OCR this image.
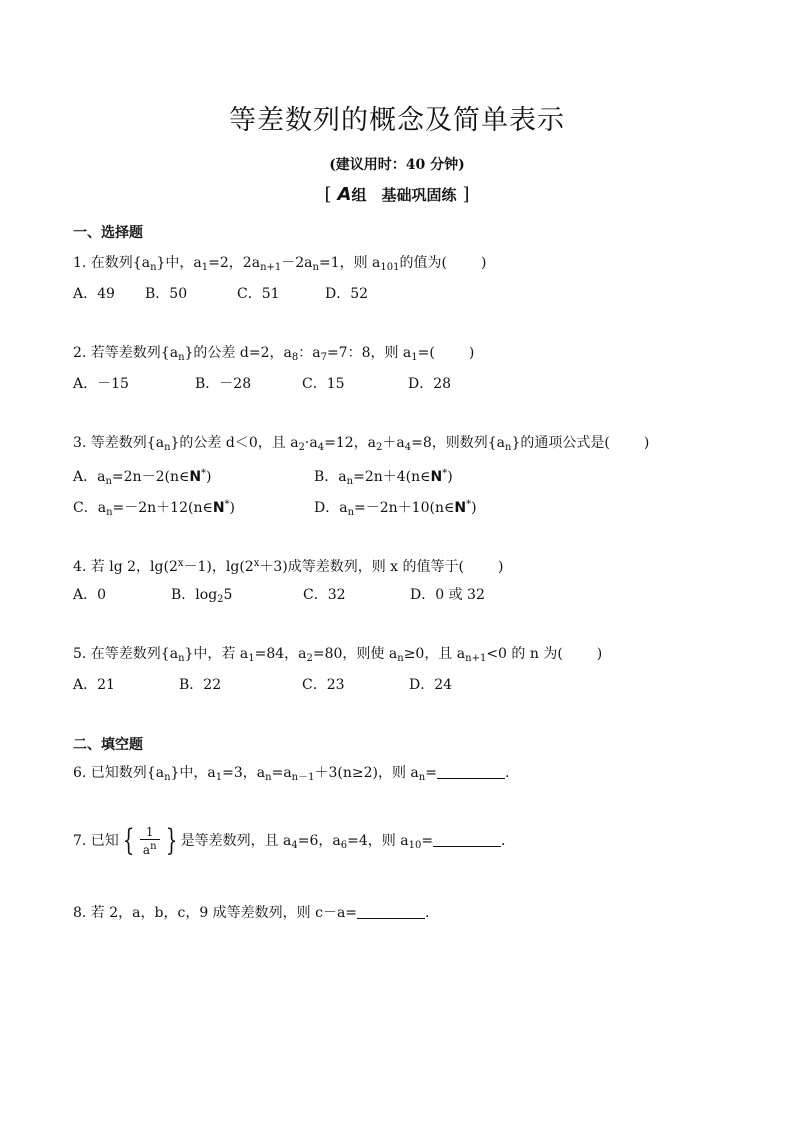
等差数列的概念及简单表示
(建议用时：40 分钟)
[ A组　基础巩固练 ]
一、选择题
1. 在数列$\{a_n\}$中，$a_1=2$，$2a_{n+1}-2a_n=1$，则 $a_{101}$的值为( )
A．49 B．50	C．51	D．52
2. 若等差数列$\{a_n\}$的公差 d=2，$a_8$：$a_7=7$：8，则 $a_1=$( )
A．－15	B．－28	C．15	D．28
3. 等差数列$\{a_n\}$的公差 d＜0，且 $a_2\cdot a_4=12$，$a_2+a_4=8$，则数列$\{a_n\}$的通项公式是( )
A．$a_n=2n-2(n\in N^*)$	B．$a_n=2n+4(n\in N^*)$
C．$a_n=-2n+12(n\in N^*)$	D．$a_n=-2n+10(n\in N^*)$
4. 若 lg 2，$\lg(2^x-1)$，$\lg(2^x+3)$成等差数列，则 x 的值等于( )
A．0	B．$\log_25$	C．32	D．0 或 32
5. 在等差数列$\{a_n\}$中，若 $a_1=84$，$a_2=80$，则使 $a_n\ge 0$，且 $a_{n+1}<0$ 的 n 为( )
A．21	B．22	C．23	D．24
二、填空题
6. 已知数列$\{a_n\}$中，$a_1=3$，$a_n=a_{n-1}+3(n\ge 2)$，则 $a_n=$	.
7. 已知 { $\frac{1}{a^n}$ } 是等差数列，且 $a_4=6$，$a_6=4$，则 $a_{10}=$	.
8. 若 2，a，b，c，9 成等差数列，则 c－a=	.
